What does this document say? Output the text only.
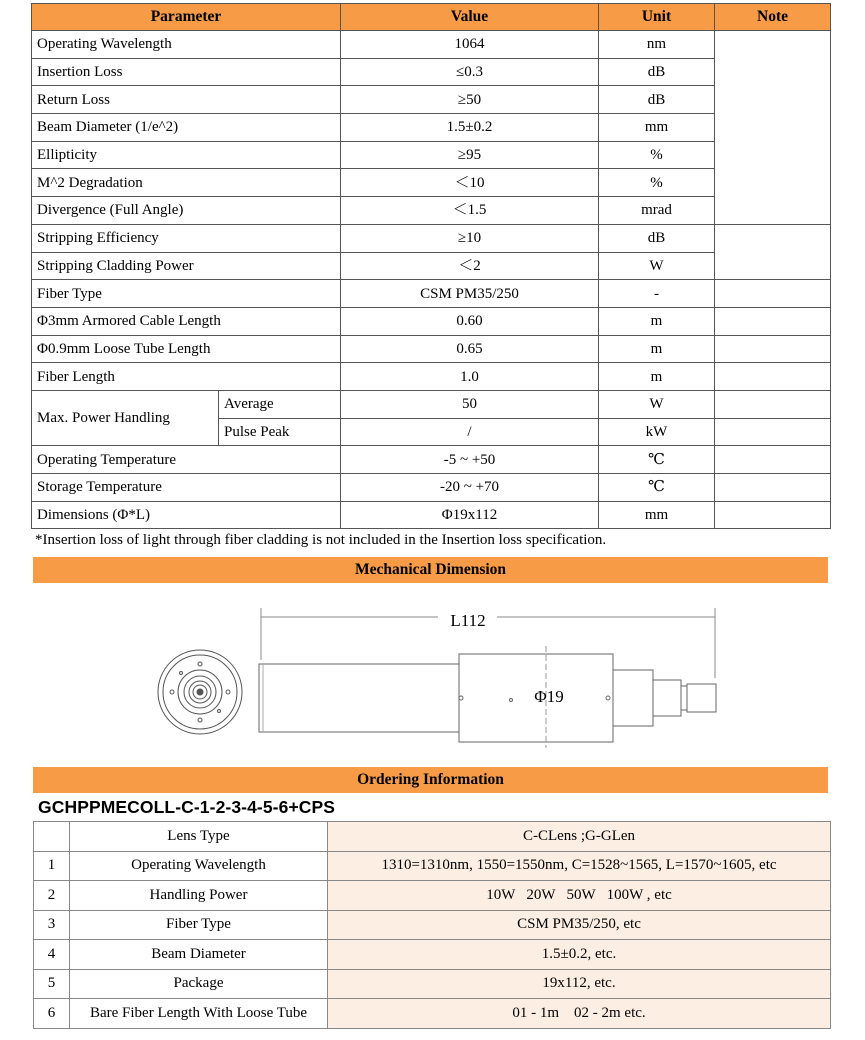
Parameter		Value	Unit	Note
Operating Wavelength		1064	nm	
Insertion Loss		≤0.3	dB	
Return Loss		≥50	dB	
Beam Diameter (1/e^2)		1.5±0.2	mm	
Ellipticity		≥95	%	
M^2 Degradation		＜10	%	
Divergence (Full Angle)		＜1.5	mrad	
Stripping Efficiency		≥10	dB	
Stripping Cladding Power		＜2	W	
Fiber Type		CSM PM35/250	-	
Φ3mm Armored Cable Length		0.60	m	
Φ0.9mm Loose Tube Length		0.65	m	
Fiber Length		1.0	m	
Max. Power Handling	Average	50	W	
	Pulse Peak	/	kW	
Operating Temperature		-5 ~ +50	℃	
Storage Temperature		-20 ~ +70	℃	
Dimensions (Φ*L)		Φ19x112	mm	
*Insertion loss of light through fiber cladding is not included in the Insertion loss specification.
Mechanical Dimension
L112
Φ19
Ordering Information
GCHPPMECOLL-C-1-2-3-4-5-6+CPS
	Lens Type	C-CLens ;G-GLen
1	Operating Wavelength	1310=1310nm, 1550=1550nm, C=1528~1565, L=1570~1605, etc
2	Handling Power	10W   20W   50W   100W , etc
3	Fiber Type	CSM PM35/250, etc
4	Beam Diameter	1.5±0.2, etc.
5	Package	19x112, etc.
6	Bare Fiber Length With Loose Tube	01 - 1m    02 - 2m etc.
